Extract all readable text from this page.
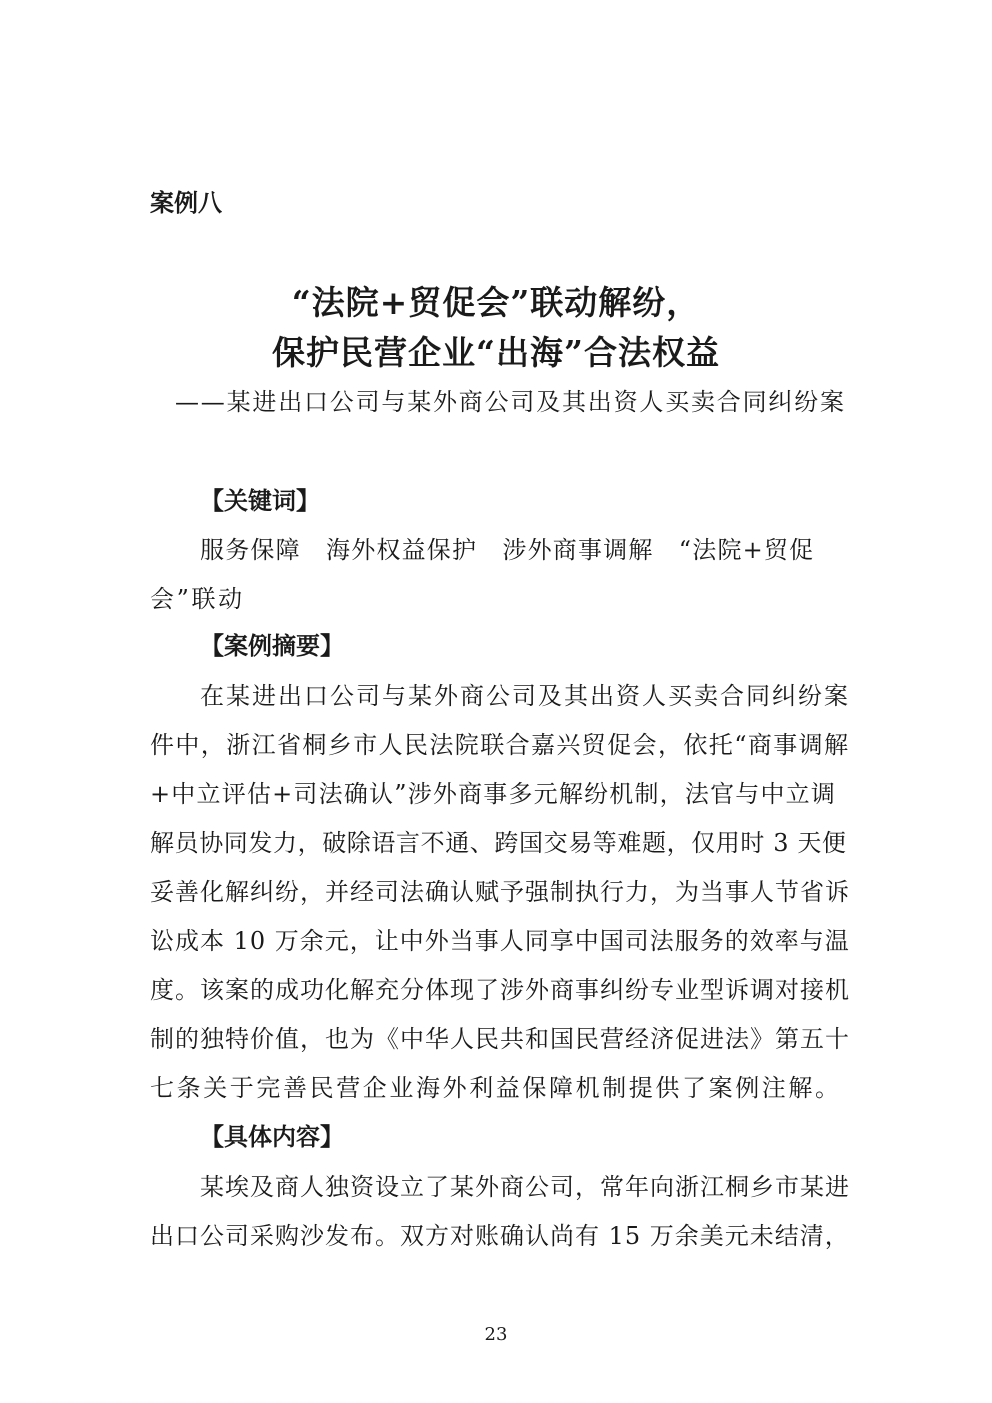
案例八
“法院+贸促会”联动解纷，
保护民营企业“出海”合法权益
——某进出口公司与某外商公司及其出资人买卖合同纠纷案
【关键词】
服务保障　海外权益保护　涉外商事调解　“法院+贸促
会”联动
【案例摘要】
在某进出口公司与某外商公司及其出资人买卖合同纠纷案
件中，浙江省桐乡市人民法院联合嘉兴贸促会，依托“商事调解
+中立评估+司法确认”涉外商事多元解纷机制，法官与中立调
解员协同发力，破除语言不通、跨国交易等难题，仅用时 3 天便
妥善化解纠纷，并经司法确认赋予强制执行力，为当事人节省诉
讼成本 10 万余元，让中外当事人同享中国司法服务的效率与温
度。该案的成功化解充分体现了涉外商事纠纷专业型诉调对接机
制的独特价值，也为《中华人民共和国民营经济促进法》第五十
七条关于完善民营企业海外利益保障机制提供了案例注解。
【具体内容】
某埃及商人独资设立了某外商公司，常年向浙江桐乡市某进
出口公司采购沙发布。双方对账确认尚有 15 万余美元未结清，
23
